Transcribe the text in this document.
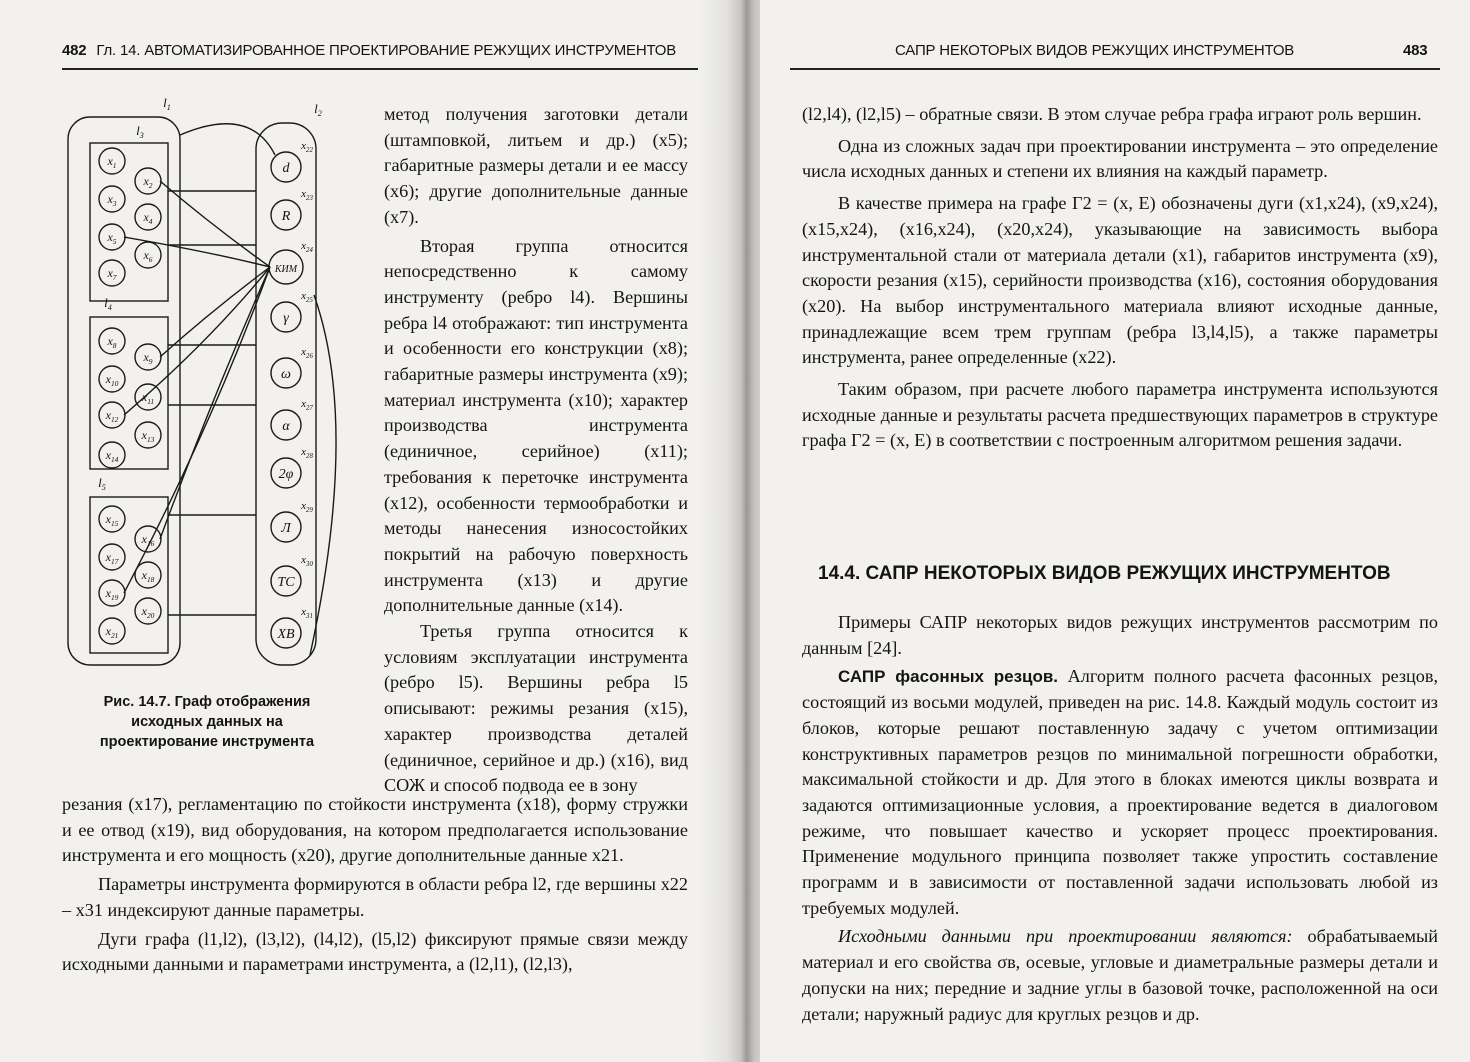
482 Гл. 14. АВТОМАТИЗИРОВАННОЕ ПРОЕКТИРОВАНИЕ РЕЖУЩИХ ИНСТРУМЕНТОВ
$x_1$
$x_2$
$x_3$
$x_4$
$x_5$
$x_6$
$x_7$
$x_8$
$x_9$
$x_{10}$
$x_{11}$
$x_{12}$
$x_{13}$
$x_{14}$
$x_{15}$
$x_{16}$
$x_{17}$
$x_{18}$
$x_{19}$
$x_{20}$
$x_{21}$
d
R
КИМ
γ
ω
α
2φ
Л
ТС
ХВ
$x_{22}$
$x_{23}$
$x_{24}$
$x_{25}$
$x_{26}$
$x_{27}$
$x_{28}$
$x_{29}$
$x_{30}$
$x_{31}$
$l_1$	$l_2$
$l_3$
$l_4$
$l_5$
Рис. 14.7. Граф отображения исходных данных на проектирование инструмента

метод получения заготовки детали (штамповкой, литьем и др.) (x5); габаритные размеры детали и ее массу (x6); другие дополнительные данные (x7).

Вторая группа относится непосредственно к самому инструменту (ребро l4). Вершины ребра l4 отображают: тип инструмента и особенности его конструкции (x8); габаритные размеры инструмента (x9); материал инструмента (x10); характер производства инструмента (единичное, серийное) (x11); требования к переточке инструмента (x12), особенности термообработки и методы нанесения износостойких покрытий на рабочую поверхность инструмента (x13) и другие дополнительные данные (x14).

Третья группа относится к условиям эксплуатации инструмента (ребро l5). Вершины ребра l5 описывают: режимы резания (x15), характер производства деталей (единичное, серийное и др.) (x16), вид СОЖ и способ подвода ее в зону

резания (x17), регламентацию по стойкости инструмента (x18), форму стружки и ее отвод (x19), вид оборудования, на котором предполагается использование инструмента и его мощность (x20), другие дополнительные данные x21.

Параметры инструмента формируются в области ребра l2, где вершины x22 – x31 индексируют данные параметры.

Дуги графа (l1,l2), (l3,l2), (l4,l2), (l5,l2) фиксируют прямые связи между исходными данными и параметрами инструмента, а (l2,l1), (l2,l3),

САПР НЕКОТОРЫХ ВИДОВ РЕЖУЩИХ ИНСТРУМЕНТОВ	483

(l2,l4), (l2,l5) – обратные связи. В этом случае ребра графа играют роль вершин.

Одна из сложных задач при проектировании инструмента – это определение числа исходных данных и степени их влияния на каждый параметр.

В качестве примера на графе Г2 = (x, E) обозначены дуги (x1,x24), (x9,x24), (x15,x24), (x16,x24), (x20,x24), указывающие на зависимость выбора инструментальной стали от материала детали (x1), габаритов инструмента (x9), скорости резания (x15), серийности производства (x16), состояния оборудования (x20). На выбор инструментального материала влияют исходные данные, принадлежащие всем трем группам (ребра l3,l4,l5), а также параметры инструмента, ранее определенные (x22).

Таким образом, при расчете любого параметра инструмента используются исходные данные и результаты расчета предшествующих параметров в структуре графа Г2 = (x, E) в соответствии с построенным алгоритмом решения задачи.

14.4. САПР НЕКОТОРЫХ ВИДОВ РЕЖУЩИХ ИНСТРУМЕНТОВ

Примеры САПР некоторых видов режущих инструментов рассмотрим по данным [24].

САПР фасонных резцов. Алгоритм полного расчета фасонных резцов, состоящий из восьми модулей, приведен на рис. 14.8. Каждый модуль состоит из блоков, которые решают поставленную задачу с учетом оптимизации конструктивных параметров резцов по минимальной погрешности обработки, максимальной стойкости и др. Для этого в блоках имеются циклы возврата и задаются оптимизационные условия, а проектирование ведется в диалоговом режиме, что повышает качество и ускоряет процесс проектирования. Применение модульного принципа позволяет также упростить составление программ и в зависимости от поставленной задачи использовать любой из требуемых модулей.

Исходными данными при проектировании являются: обрабатываемый материал и его свойства σв, осевые, угловые и диаметральные размеры детали и допуски на них; передние и задние углы в базовой точке, расположенной на оси детали; наружный радиус для круглых резцов и др.
